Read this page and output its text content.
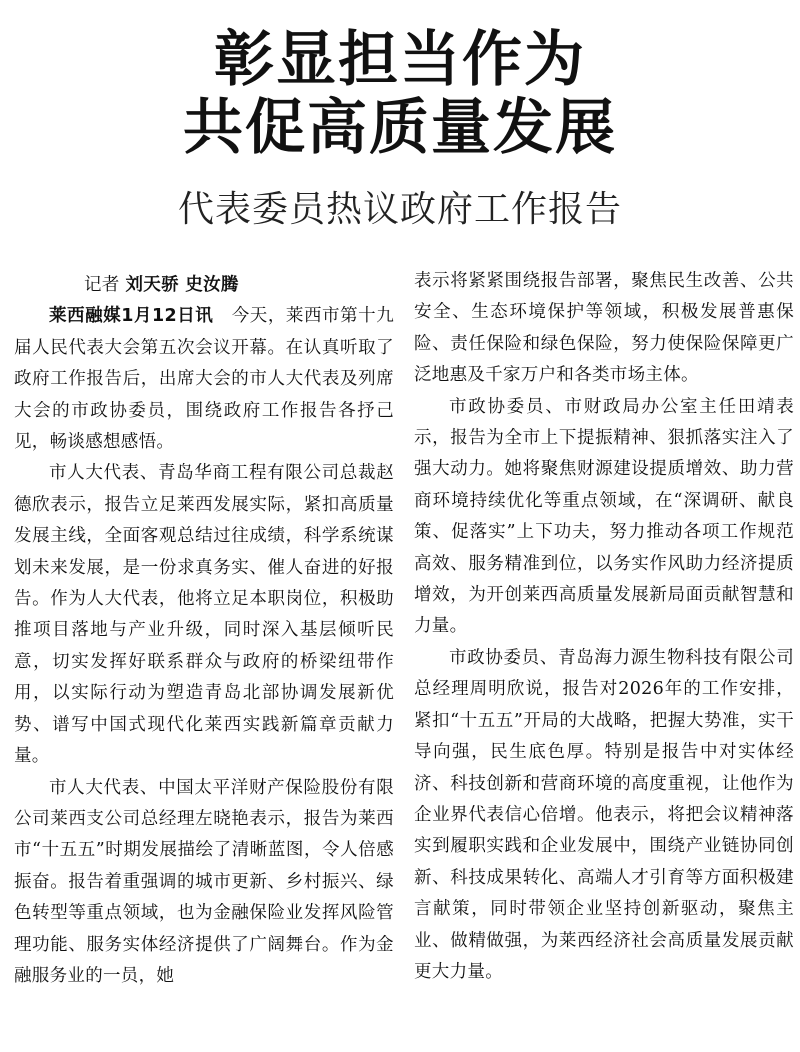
彰显担当作为
共促高质量发展
代表委员热议政府工作报告

记者 刘天骄 史汝腾

莱西融媒1月12日讯 今天，莱西市第十九届人民代表大会第五次会议开幕。在认真听取了政府工作报告后，出席大会的市人大代表及列席大会的市政协委员，围绕政府工作报告各抒己见，畅谈感想感悟。

市人大代表、青岛华商工程有限公司总裁赵德欣表示，报告立足莱西发展实际，紧扣高质量发展主线，全面客观总结过往成绩，科学系统谋划未来发展，是一份求真务实、催人奋进的好报告。作为人大代表，他将立足本职岗位，积极助推项目落地与产业升级，同时深入基层倾听民意，切实发挥好联系群众与政府的桥梁纽带作用，以实际行动为塑造青岛北部协调发展新优势、谱写中国式现代化莱西实践新篇章贡献力量。

市人大代表、中国太平洋财产保险股份有限公司莱西支公司总经理左晓艳表示，报告为莱西市“十五五”时期发展描绘了清晰蓝图，令人倍感振奋。报告着重强调的城市更新、乡村振兴、绿色转型等重点领域，也为金融保险业发挥风险管理功能、服务实体经济提供了广阔舞台。作为金融服务业的一员，她

表示将紧紧围绕报告部署，聚焦民生改善、公共安全、生态环境保护等领域，积极发展普惠保险、责任保险和绿色保险，努力使保险保障更广泛地惠及千家万户和各类市场主体。

市政协委员、市财政局办公室主任田靖表示，报告为全市上下提振精神、狠抓落实注入了强大动力。她将聚焦财源建设提质增效、助力营商环境持续优化等重点领域，在“深调研、献良策、促落实”上下功夫，努力推动各项工作规范高效、服务精准到位，以务实作风助力经济提质增效，为开创莱西高质量发展新局面贡献智慧和力量。

市政协委员、青岛海力源生物科技有限公司总经理周明欣说，报告对2026年的工作安排，紧扣“十五五”开局的大战略，把握大势准，实干导向强，民生底色厚。特别是报告中对实体经济、科技创新和营商环境的高度重视，让他作为企业界代表信心倍增。他表示，将把会议精神落实到履职实践和企业发展中，围绕产业链协同创新、科技成果转化、高端人才引育等方面积极建言献策，同时带领企业坚持创新驱动，聚焦主业、做精做强，为莱西经济社会高质量发展贡献更大力量。
